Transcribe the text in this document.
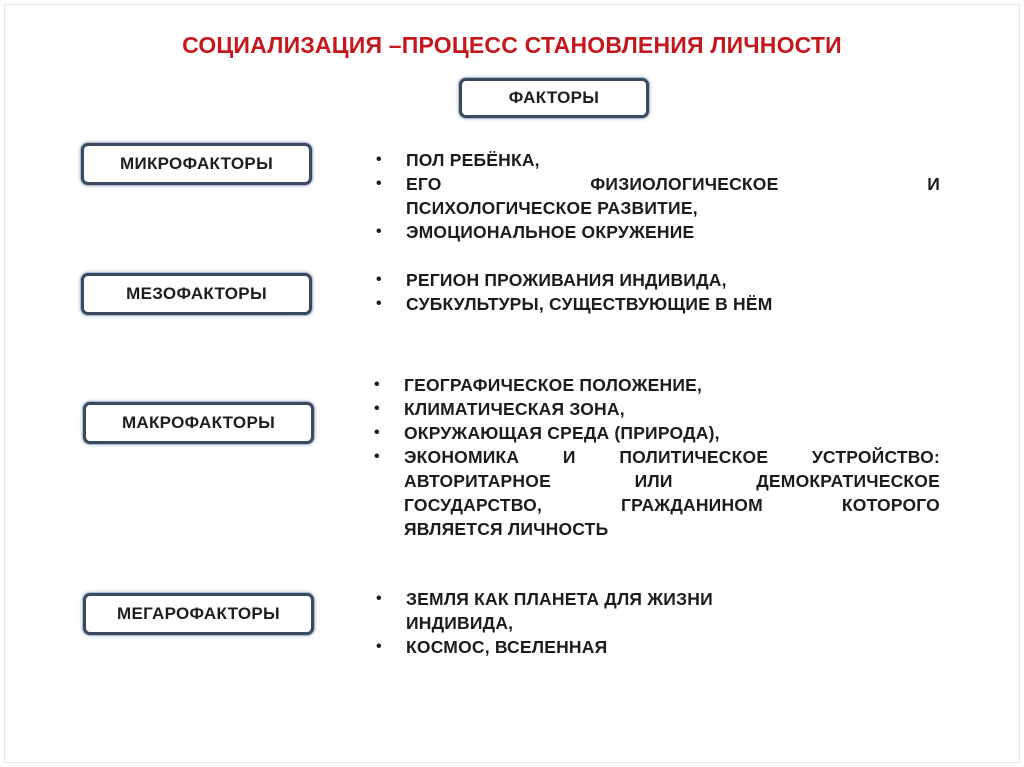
СОЦИАЛИЗАЦИЯ –ПРОЦЕСС СТАНОВЛЕНИЯ ЛИЧНОСТИ
ФАКТОРЫ
МИКРОФАКТОРЫ	•	ПОЛ РЕБЁНКА,
•	ЕГО ФИЗИОЛОГИЧЕСКОЕ И
ПСИХОЛОГИЧЕСКОЕ РАЗВИТИЕ,
•	ЭМОЦИОНАЛЬНОЕ ОКРУЖЕНИЕ
МЕЗОФАКТОРЫ
•	РЕГИОН ПРОЖИВАНИЯ ИНДИВИДА,
•	СУБКУЛЬТУРЫ, СУЩЕСТВУЮЩИЕ В НЁМ
МАКРОФАКТОРЫ
•	ГЕОГРАФИЧЕСКОЕ ПОЛОЖЕНИЕ,
•	КЛИМАТИЧЕСКАЯ ЗОНА,
•	ОКРУЖАЮЩАЯ СРЕДА (ПРИРОДА),
•	ЭКОНОМИКА И ПОЛИТИЧЕСКОЕ УСТРОЙСТВО:
АВТОРИТАРНОЕ ИЛИ ДЕМОКРАТИЧЕСКОЕ
ГОСУДАРСТВО, ГРАЖДАНИНОМ КОТОРОГО
ЯВЛЯЕТСЯ ЛИЧНОСТЬ
МЕГАРОФАКТОРЫ
•	ЗЕМЛЯ КАК ПЛАНЕТА ДЛЯ ЖИЗНИ
ИНДИВИДА,
•	КОСМОС, ВСЕЛЕННАЯ
